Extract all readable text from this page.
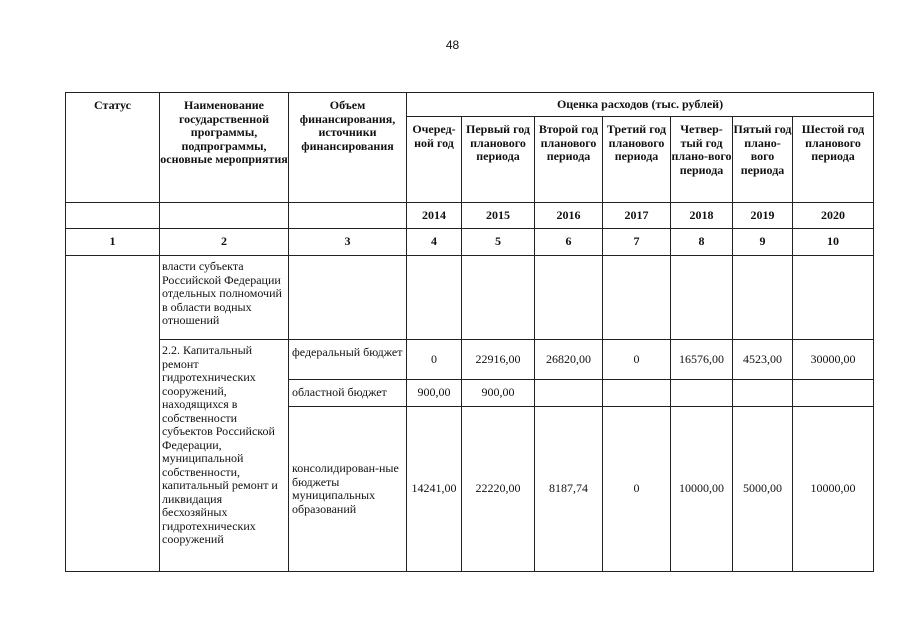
48
Статус	Наименование государственной программы, подпрограммы, основные мероприятия	Объем финансирования, источники финансирования	Оценка расходов (тыс. рублей)						
			Очеред-ной год	Первый год планового периода	Второй год планового периода	Третий год планового периода	Четвер-тый год плано-вого периода	Пятый год плано-вого периода	Шестой год планового периода
			2014	2015	2016	2017	2018	2019	2020
1	2	3	4	5	6	7	8	9	10
	власти субъекта Российской Федерации отдельных полномочий в области водных отношений								
	2.2. Капитальный ремонт гидротехнических сооружений, находящихся в собственности субъектов Российской Федерации, муниципальной собственности, капитальный ремонт и ликвидация бесхозяйных гидротехнических сооружений	федеральный бюджет	0	22916,00	26820,00	0	16576,00	4523,00	30000,00
		областной бюджет	900,00	900,00					
		консолидирован-ные бюджеты муниципальных образований	14241,00	22220,00	8187,74	0	10000,00	5000,00	10000,00
